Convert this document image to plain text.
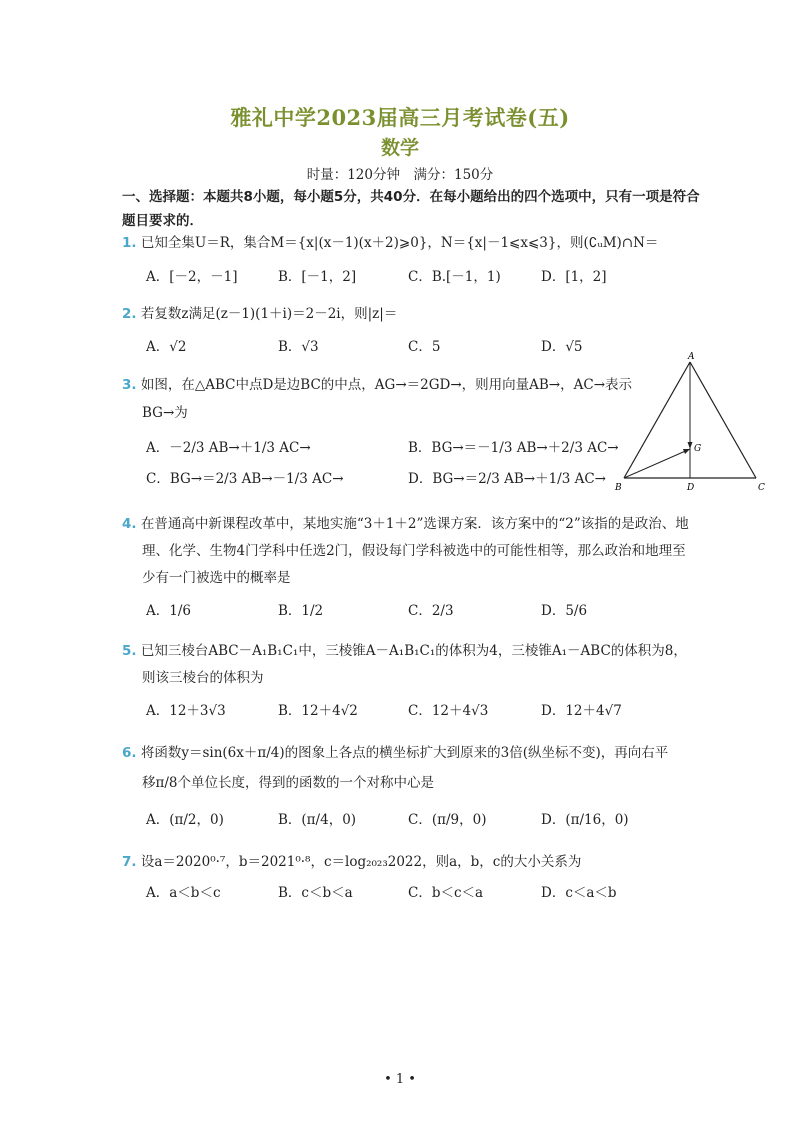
雅礼中学2023届高三月考试卷(五)
数学
时量：120分钟　满分：150分
一、选择题：本题共8小题，每小题5分，共40分．在每小题给出的四个选项中，只有一项是符合题目要求的．
1. 已知全集U＝R，集合M＝{x|(x－1)(x＋2)⩾0}，N＝{x|－1⩽x⩽3}，则(∁ᵤM)∩N＝
A．[－2，－1]	B．[－1，2]	C．B.[－1，1)	D．[1，2]
2. 若复数z满足(z－1)(1＋i)＝2－2i，则|z|＝
A．√2	B．√3	C．5	D．√5
3. 如图，在△ABC中点D是边BC的中点，AG→＝2GD→，则用向量AB→，AC→表示
BG→为
A．－2/3 AB→＋1/3 AC→	B．BG→＝－1/3 AB→＋2/3 AC→
C．BG→＝2/3 AB→－1/3 AC→	D．BG→＝2/3 AB→＋1/3 AC→
A
B	C
D
G
4. 在普通高中新课程改革中，某地实施“3＋1＋2”选课方案．该方案中的“2”该指的是政治、地
理、化学、生物4门学科中任选2门，假设每门学科被选中的可能性相等，那么政治和地理至
少有一门被选中的概率是
A．1/6	B．1/2	C．2/3	D．5/6
5. 已知三棱台ABC－A₁B₁C₁中，三棱锥A－A₁B₁C₁的体积为4，三棱锥A₁－ABC的体积为8，
则该三棱台的体积为
A．12＋3√3	B．12＋4√2	C．12＋4√3	D．12＋4√7
6. 将函数y＝sin(6x＋π/4)的图象上各点的横坐标扩大到原来的3倍(纵坐标不变)，再向右平
移π/8个单位长度，得到的函数的一个对称中心是
A．(π/2，0)	B．(π/4，0)	C．(π/9，0)	D．(π/16，0)
7. 设a＝2020⁰·⁷，b＝2021⁰·⁸，c＝log₂₀₂₃2022，则a，b，c的大小关系为
A．a＜b＜c	B．c＜b＜a	C．b＜c＜a	D．c＜a＜b
• 1 •
